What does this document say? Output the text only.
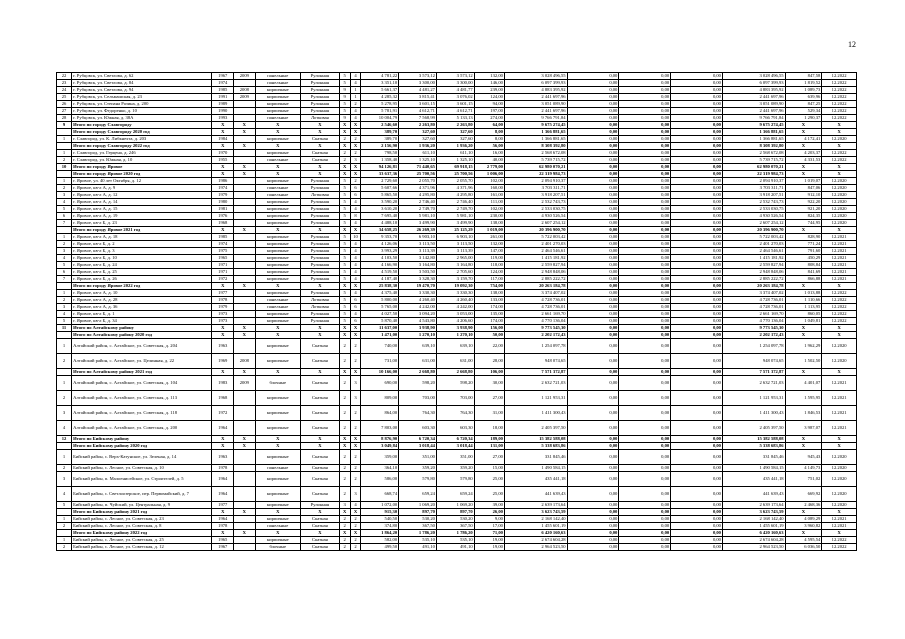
12
22	г. Рубцовск, ул. Светлова, д. 62	1967	2009	панельные	Рулонная	5	4	4 781,22	3 573,12	3 573,12	132,00	3 028 496,55	0,00	0,00	0,00	3 028 496,55	847,58	12.2022
23	г. Рубцовск, ул. Светлова, д. 84	1974		панельные	Рулонная	5	4	3 351,10	3 300,00	3 300,00	146,00	6 097 399,93	0,00	0,00	0,00	6 097 399,93	1 819,52	12.2022
24	г. Рубцовск, ул. Светлова, д. 94	1985	2008	кирпичные	Рулонная	9	1	5 661,37	4 481,27	4 481,77	239,00	4 883 395,92	0,00	0,00	0,00	4 883 395,92	1 089,73	12.2022
25	г. Рубцовск, ул. Сельмашская, д. 23	1991	2009	кирпичные	Рулонная	9	1	4 285,32	3 815,41	3 076,02	124,00	2 441 697,96	0,00	0,00	0,00	2 441 697,96	639,96	12.2022
26	г. Рубцовск, ул. Степана Разина, д. 200	1989		кирпичные	Рулонная	5	2	5 278,95	3 601,15	3 601,15	94,00	3 051 089,90	0,00	0,00	0,00	3 051 089,90	847,25	12.2022
27	г. Рубцовск, ул. Федоренко, д. 10	1990		кирпичные	Рулонная	5	4	5 781,91	4 612,71	4 612,71	197,00	2 441 697,96	0,00	0,00	0,00	2 441 697,96	529,34	12.2022
28	г. Рубцовск, ул. Южная, д. 38А	1993		панельные	Лотковая	9	4	10 004,79	7 568,99	5 133,13	274,00	9 766 791,84	0,00	0,00	0,00	9 766 791,84	1 290,37	12.2022
9	Итого по городу Славгороду	X	X	X	X	X	X	2 546,60	2 263,80	2 263,80	64,00	9 675 274,45	0,00	0,00	0,00	9 675 274,45	X	X
	Итого по городу Славгороду 2020 год	X	X	X	X	X	X	389,70	327,60	327,60	8,00	1 366 881,65	0,00	0,00	0,00	1 366 881,65	X	X
1	г. Славгород, ул. К. Либкнехта, д. 203	1984		кирпичные	Скатная	2	2	389,70	327,60	327,60	8,00	1 366 881,65	0,00	0,00	0,00	1 366 881,65	4 172,41	12.2020
	Итого по городу Славгороду 2022 год	X	X	X	X	X	X	2 156,90	1 936,20	1 936,20	56,00	8 308 392,80	0,00	0,00	0,00	8 308 392,80	X	X
1	г. Славгород, ул. Герцена, д. 246	1970		кирпичные	Скатная	2	2	798,50	611,10	611,10	16,00	2 568 672,08	0,00	0,00	0,00	2 568 672,08	4 203,37	12.2022
2	г. Славгород, ул. Южная, д. 10	1955		панельные	Скатная	2	3	1 358,40	1 325,10	1 325,10	40,00	5 739 715,72	0,00	0,00	0,00	5 739 715,72	4 331,53	12.2022
10	Итого по городу Яровое	X	X	X	X	X	X	94 126,81	71 440,65	69 918,15	2 779,00	62 980 070,21	0,00	0,00	0,00	62 980 070,21	X	X
	Итого по городу Яровое 2020 год	X	X	X	X	X	X	33 637,36	25 700,56	25 700,56	1 006,00	22 319 984,73	0,00	0,00	0,00	22 319 984,73	X	X
1	г. Яровое, ул. 40 лет Октября, д. 12	1986		кирпичные	Рулонная	5	2	2 729,60	2 055,70	2 055,70	102,00	2 094 910,37	0,00	0,00	0,00	2 094 910,37	1 019,07	12.2020
2	г. Яровое, кв-л А, д. 9	1974		панельные	Рулонная	5	6	5 607,66	4 371,96	4 371,96	160,00	3 703 311,71	0,00	0,00	0,00	3 703 311,71	847,06	12.2020
3	г. Яровое, кв-л А, д. 12	1979		панельные	Лотковая	5	6	5 865,50	4 295,80	4 295,80	161,00	3 918 207,51	0,00	0,00	0,00	3 918 207,51	912,10	12.2020
4	г. Яровое, кв-л А, д. 14	1980		кирпичные	Рулонная	5	4	3 590,20	2 746,40	2 746,40	111,00	2 532 743,73	0,00	0,00	0,00	2 532 743,73	922,20	12.2020
5	г. Яровое, кв-л А, д. 15	1981		кирпичные	Рулонная	5	4	3 610,20	2 749,70	2 749,70	102,00	2 533 030,75	0,00	0,00	0,00	2 533 030,75	921,20	12.2020
6	г. Яровое, кв-л А, д. 19	1976		кирпичные	Рулонная	5	8	7 695,40	5 981,10	5 981,10	230,00	4 930 526,54	0,00	0,00	0,00	4 930 526,54	824,35	12.2020
7	г. Яровое, кв-л Б, д. 23	1968		кирпичные	Рулонная	5	4	4 488,10	3 499,90	3 499,90	138,00	2 607 254,12	0,00	0,00	0,00	2 607 254,12	744,95	12.2020
	Итого по городу Яровое 2021 год	X	X	X	X	X	X	34 658,25	26 269,39	25 125,29	1 019,00	20 396 900,70	0,00	0,00	0,00	20 396 900,70	X	X
1	г. Яровое, кв-л А, д. 18	1985		кирпичные	Рулонная	5	10	9 353,70	6 903,10	6 903,10	261,00	5 722 003,42	0,00	0,00	0,00	5 722 003,42	828,90	12.2021
2	г. Яровое, кв-л Б, д. 2	1974		кирпичные	Рулонная	5	4	4 126,06	3 113,50	3 113,50	132,00	2 401 270,03	0,00	0,00	0,00	2 401 270,03	771,24	12.2021
3	г. Яровое, кв-л Б, д. 3	1975		кирпичные	Рулонная	5	4	3 993,29	3 113,39	3 113,39	147,00	2 464 546,61	0,00	0,00	0,00	2 464 546,61	791,60	12.2021
4	г. Яровое, кв-л Б, д. 10	1965		кирпичные	Рулонная	5	4	4 103,50	3 142,80	2 965,00	119,00	1 415 181,92	0,00	0,00	0,00	1 415 181,92	450,29	12.2021
5	г. Яровое, кв-л Б, д. 24	1971		кирпичные	Рулонная	5	4	4 166,90	3 164,80	3 164,80	118,00	2 559 827,94	0,00	0,00	0,00	2 559 827,94	808,84	12.2021
6	г. Яровое, кв-л Б, д. 25	1971		кирпичные	Рулонная	5	4	4 519,50	3 503,50	2 705,60	124,00	2 948 848,06	0,00	0,00	0,00	2 948 848,06	841,69	12.2021
7	г. Яровое, кв-л Б, д. 26	1972		кирпичные	Рулонная	5	4	4 187,40	3 328,30	3 159,70	117,00	2 885 222,72	0,00	0,00	0,00	2 885 222,72	866,88	12.2021
	Итого по городу Яровое 2022 год	X	X	X	X	X	X	25 838,30	19 470,70	19 092,30	754,00	20 263 184,78	0,00	0,00	0,00	20 263 184,78	X	X
1	г. Яровое, кв-л А, д. 10	1977		кирпичные	Рулонная	5	4	4 375,40	3 330,30	3 330,30	138,00	3 374 407,02	0,00	0,00	0,00	3 374 407,02	1 013,88	12.2022
2	г. Яровое, кв-л А, д. 28	1978		панельные	Лотковая	5	6	5 800,00	4 260,40	4 260,40	133,00	4 728 736,01	0,00	0,00	0,00	4 728 736,01	1 110,66	12.2022
3	г. Яровое, кв-л А, д. 36	1979		панельные	Лотковая	5	6	5 765,00	4 242,00	4 242,00	174,00	4 728 736,01	0,00	0,00	0,00	4 728 736,01	1 113,95	12.2022
4	г. Яровое, кв-л Б, д. 1	1973		кирпичные	Рулонная	5	4	4 027,50	3 094,20	3 053,00	135,00	2 661 169,70	0,00	0,00	0,00	2 661 169,70	860,05	12.2022
5	г. Яровое, кв-л Б, д. 34	1973		кирпичные	Рулонная	5	6	5 870,40	4 543,80	4 206,60	174,00	4 770 136,04	0,00	0,00	0,00	4 770 136,04	1 049,81	12.2022
11	Итого по Алтайскому району	X	X	X	X	X	X	11 637,00	3 938,90	3 938,90	156,00	9 773 545,30	0,00	0,00	0,00	9 773 545,30	X	X
	Итого по Алтайскому району 2020 год	X	X	X	X	X	X	1 471,00	1 270,10	1 270,10	50,00	2 202 172,43	0,00	0,00	0,00	2 202 172,43	X	X
1	Алтайский район, с. Алтайское, ул. Советская, д. 204	1963		кирпичные	Скатная	2	2	740,00	639,10	639,10	22,00	1 254 097,78	0,00	0,00	0,00	1 254 097,78	1 962,29	12.2020
2	Алтайский район, с. Алтайское, ул. Целинная, д. 22	1969	2008	кирпичные	Скатная	2	2	731,00	631,00	631,00	28,00	948 074,65	0,00	0,00	0,00	948 074,65	1 502,50	12.2020
	Итого по Алтайскому району 2021 год	X	X	X	X	X	X	10 166,00	2 668,80	2 668,80	106,00	7 571 372,87	0,00	0,00	0,00	7 571 372,87	X	X
1	Алтайский район, с. Алтайское, ул. Советская, д. 104	1983	2009	блочные	Скатная	2	3	690,00	598,20	598,20	30,00	2 632 721,03	0,00	0,00	0,00	2 632 721,03	4 401,07	12.2021
2	Алтайский район, с. Алтайское, ул. Советская, д. 113	1968		кирпичные	Скатная	2	3	809,00	703,00	703,00	27,00	1 121 953,31	0,00	0,00	0,00	1 121 953,31	1 595,95	12.2021
3	Алтайский район, с. Алтайское, ул. Советская, д. 118	1972		кирпичные	Скатная	2	2	864,00	764,30	764,30	31,00	1 411 300,43	0,00	0,00	0,00	1 411 300,43	1 846,53	12.2021
4	Алтайский район, с. Алтайское, ул. Советская, д. 200	1964		кирпичные	Скатная	2	2	7 803,00	603,30	603,30	18,00	2 405 397,50	0,00	0,00	0,00	2 405 397,50	3 987,07	12.2021
12	Итого по Бийскому району	X	X	X	X	X	X	8 876,90	6 720,34	6 720,34	189,00	15 382 588,08	0,00	0,00	0,00	15 382 588,08	X	X
	Итого по Бийскому району 2020 год	X	X	X	X	X	X	3 049,84	3 018,44	3 018,44	131,00	5 338 683,86	0,00	0,00	0,00	5 338 683,86	X	X
1	Бийский район, с. Верх-Катунское, ул. Зеленая, д. 14	1963		кирпичные	Скатная	2	2	359,00	351,00	351,00	27,00	331 845,46	0,00	0,00	0,00	331 845,46	945,43	12.2020
2	Бийский район, с. Лесное, ул. Советская, д. 10	1978		панельные	Скатная	2	2	364,10	359,20	359,20	15,00	1 490 584,15	0,00	0,00	0,00	1 490 584,15	4 149,73	12.2020
3	Бийский район, п. Малоенисейское, ул. Строителей, д. 5	1964		кирпичные	Скатная	2	2	586,00	579,80	579,80	25,00	435 441,18	0,00	0,00	0,00	435 441,18	751,02	12.2020
4	Бийский район, с. Светлоозерское, пер. Первомайский, д. 7	1964		кирпичные	Скатная	2	3	668,74	659,24	659,24	25,00	441 639,43	0,00	0,00	0,00	441 639,43	669,92	12.2020
5	Бийский район, п. Чуйский, ул. Центральная, д. 9	1977		кирпичные	Рулонная	3	4	1 072,00	1 069,20	1 069,20	39,00	2 639 173,64	0,00	0,00	0,00	2 639 173,64	2 468,36	12.2020
	Итого по Бийскому району 2021 год	X	X	X	X	X	X	915,30	897,70	897,70	26,00	3 623 743,59	0,00	0,00	0,00	3 623 743,59	X	X
1	Бийский район, с. Лесное, ул. Советская, д. 23	1964		кирпичные	Скатная	2	2	540,50	530,20	530,20	9,00	2 168 142,40	0,00	0,00	0,00	2 168 142,40	4 089,29	12.2021
2	Бийский район, с. Лесное, ул. Советская, д. 8	1978		панельные	Скатная	2	2	374,80	367,50	367,50	17,00	1 455 601,19	0,00	0,00	0,00	1 455 601,19	3 960,82	12.2021
	Итого по Бийскому району 2022 год	X	X	X	X	X	X	1 864,20	1 786,20	1 786,20	71,00	6 420 160,63	0,00	0,00	0,00	6 420 160,63	X	X
1	Бийский район, с. Лесное, ул. Советская, д. 25	1965		кирпичные	Скатная	2	2	582,00	535,10	535,10	19,00	2 674 604,28	0,00	0,00	0,00	2 674 604,28	4 595,54	12.2022
2	Бийский район, с. Лесное, ул. Советская, д. 12	1967		блочные	Скатная	2	2	499,50	491,10	491,10	19,00	2 964 523,50	0,00	0,00	0,00	2 964 523,50	6 036,50	12.2022
